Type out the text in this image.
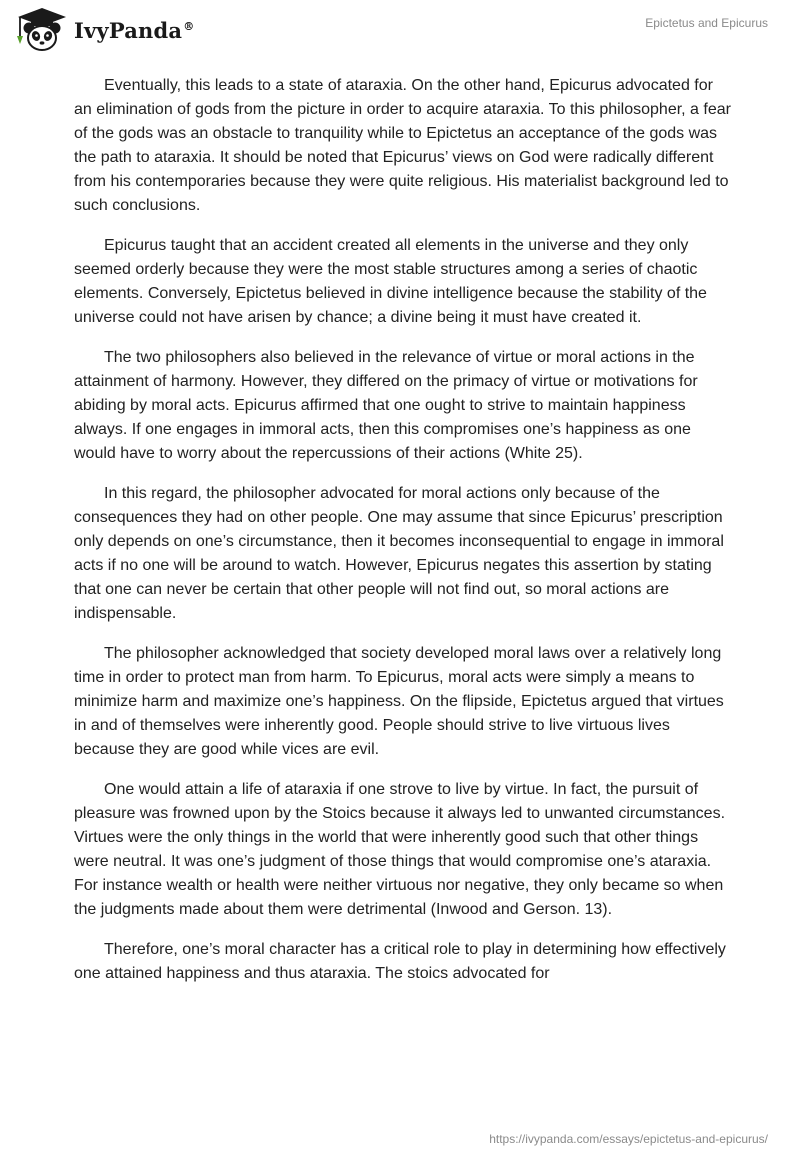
IvyPanda®	Epictetus and Epicurus

Eventually, this leads to a state of ataraxia. On the other hand, Epicurus advocated for an elimination of gods from the picture in order to acquire ataraxia. To this philosopher, a fear of the gods was an obstacle to tranquility while to Epictetus an acceptance of the gods was the path to ataraxia. It should be noted that Epicurus’ views on God were radically different from his contemporaries because they were quite religious. His materialist background led to such conclusions.

Epicurus taught that an accident created all elements in the universe and they only seemed orderly because they were the most stable structures among a series of chaotic elements. Conversely, Epictetus believed in divine intelligence because the stability of the universe could not have arisen by chance; a divine being it must have created it.

The two philosophers also believed in the relevance of virtue or moral actions in the attainment of harmony. However, they differed on the primacy of virtue or motivations for abiding by moral acts. Epicurus affirmed that one ought to strive to maintain happiness always. If one engages in immoral acts, then this compromises one’s happiness as one would have to worry about the repercussions of their actions (White 25).

In this regard, the philosopher advocated for moral actions only because of the consequences they had on other people. One may assume that since Epicurus’ prescription only depends on one’s circumstance, then it becomes inconsequential to engage in immoral acts if no one will be around to watch. However, Epicurus negates this assertion by stating that one can never be certain that other people will not find out, so moral actions are indispensable.

The philosopher acknowledged that society developed moral laws over a relatively long time in order to protect man from harm. To Epicurus, moral acts were simply a means to minimize harm and maximize one’s happiness. On the flipside, Epictetus argued that virtues in and of themselves were inherently good. People should strive to live virtuous lives because they are good while vices are evil.

One would attain a life of ataraxia if one strove to live by virtue. In fact, the pursuit of pleasure was frowned upon by the Stoics because it always led to unwanted circumstances. Virtues were the only things in the world that were inherently good such that other things were neutral. It was one’s judgment of those things that would compromise one’s ataraxia. For instance wealth or health were neither virtuous nor negative, they only became so when the judgments made about them were detrimental (Inwood and Gerson. 13).

Therefore, one’s moral character has a critical role to play in determining how effectively one attained happiness and thus ataraxia. The stoics advocated for

https://ivypanda.com/essays/epictetus-and-epicurus/
